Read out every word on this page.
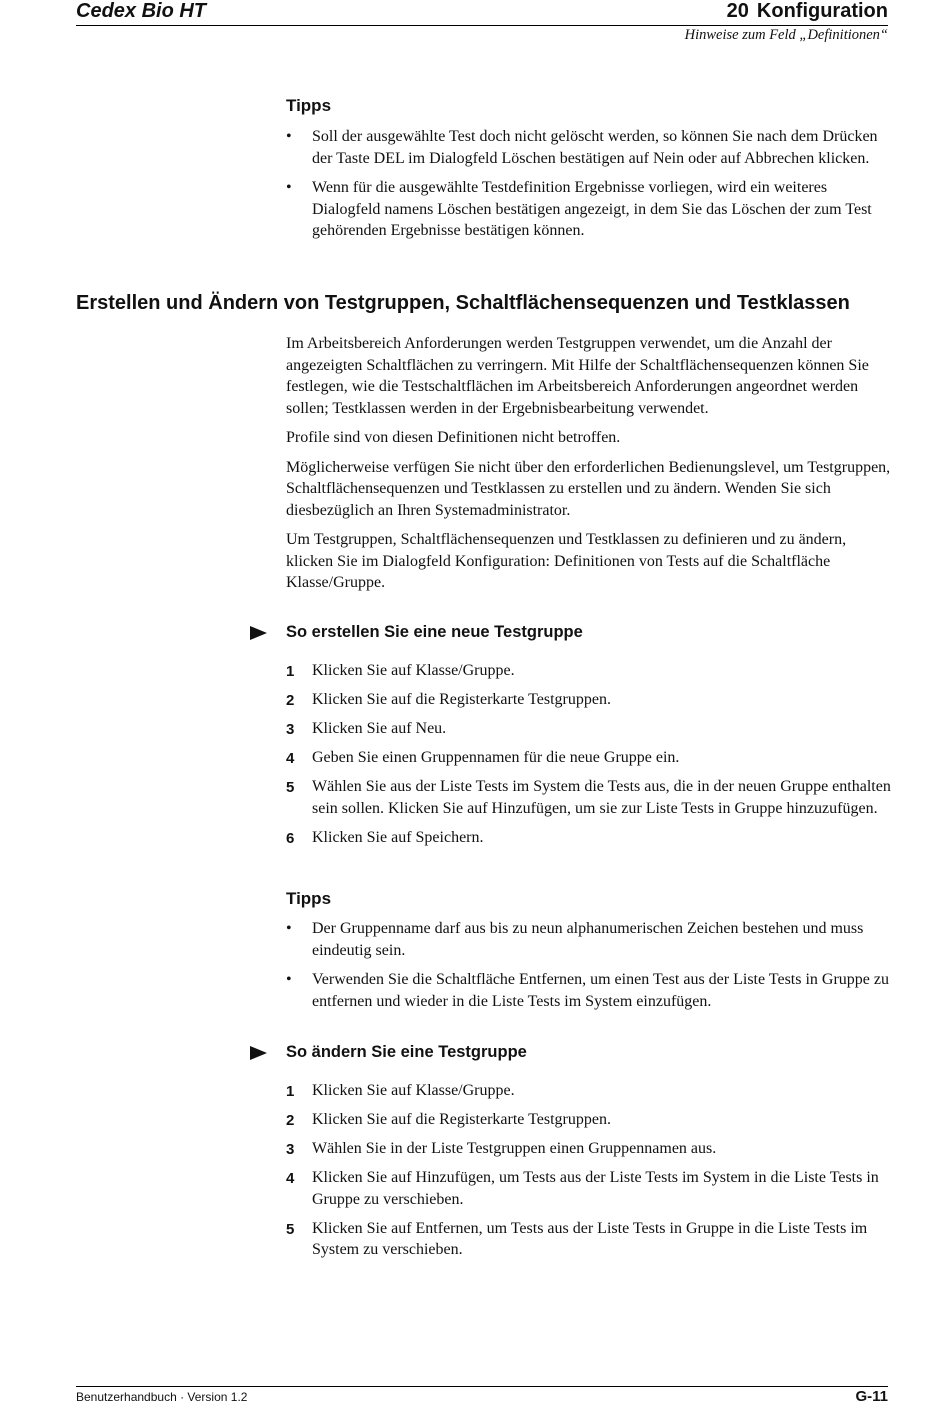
Cedex Bio HT	20 Konfiguration
Hinweise zum Feld „Definitionen“
Tipps
• Soll der ausgewählte Test doch nicht gelöscht werden, so können Sie nach dem Drücken der Taste DEL im Dialogfeld Löschen bestätigen auf Nein oder auf Abbrechen klicken.
• Wenn für die ausgewählte Testdefinition Ergebnisse vorliegen, wird ein weiteres Dialogfeld namens Löschen bestätigen angezeigt, in dem Sie das Löschen der zum Test gehörenden Ergebnisse bestätigen können.
Erstellen und Ändern von Testgruppen, Schaltflächensequenzen und Testklassen

Im Arbeitsbereich Anforderungen werden Testgruppen verwendet, um die Anzahl der angezeigten Schaltflächen zu verringern. Mit Hilfe der Schaltflächensequenzen können Sie festlegen, wie die Testschaltflächen im Arbeitsbereich Anforderungen angeordnet werden sollen; Testklassen werden in der Ergebnisbearbeitung verwendet.

Profile sind von diesen Definitionen nicht betroffen.

Möglicherweise verfügen Sie nicht über den erforderlichen Bedienungslevel, um Testgruppen, Schaltflächensequenzen und Testklassen zu erstellen und zu ändern. Wenden Sie sich diesbezüglich an Ihren Systemadministrator.

Um Testgruppen, Schaltflächensequenzen und Testklassen zu definieren und zu ändern, klicken Sie im Dialogfeld Konfiguration: Definitionen von Tests auf die Schaltfläche Klasse/Gruppe.

So erstellen Sie eine neue Testgruppe
1 Klicken Sie auf Klasse/Gruppe.
2 Klicken Sie auf die Registerkarte Testgruppen.
3 Klicken Sie auf Neu.
4 Geben Sie einen Gruppennamen für die neue Gruppe ein.
5 Wählen Sie aus der Liste Tests im System die Tests aus, die in der neuen Gruppe enthalten sein sollen. Klicken Sie auf Hinzufügen, um sie zur Liste Tests in Gruppe hinzuzufügen.
6 Klicken Sie auf Speichern.
Tipps
• Der Gruppenname darf aus bis zu neun alphanumerischen Zeichen bestehen und muss eindeutig sein.
• Verwenden Sie die Schaltfläche Entfernen, um einen Test aus der Liste Tests in Gruppe zu entfernen und wieder in die Liste Tests im System einzufügen.
So ändern Sie eine Testgruppe
1 Klicken Sie auf Klasse/Gruppe.
2 Klicken Sie auf die Registerkarte Testgruppen.
3 Wählen Sie in der Liste Testgruppen einen Gruppennamen aus.
4 Klicken Sie auf Hinzufügen, um Tests aus der Liste Tests im System in die Liste Tests in Gruppe zu verschieben.
5 Klicken Sie auf Entfernen, um Tests aus der Liste Tests in Gruppe in die Liste Tests im System zu verschieben.
Benutzerhandbuch · Version 1.2	G-11
